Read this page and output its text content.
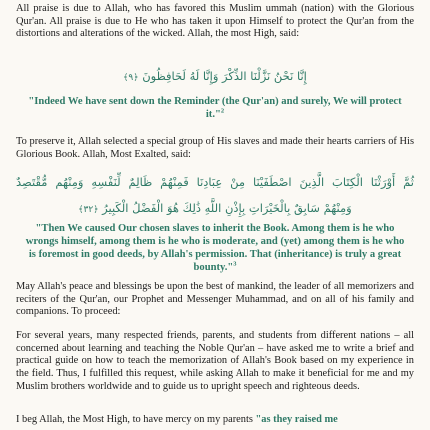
All praise is due to Allah, who has favored this Muslim ummah (nation) with the Glorious Qur'an. All praise is due to He who has taken it upon Himself to protect the Qur'an from the distortions and alterations of the wicked. Allah, the most High, said:

إِنَّا نَحْنُ نَزَّلْنَا الذِّكْرَ وَإِنَّا لَهُ لَحَافِظُونَ ﴿٩﴾

"Indeed We have sent down the Reminder (the Qur'an) and surely, We will protect it."$^2$

To preserve it, Allah selected a special group of His slaves and made their hearts carriers of His Glorious Book. Allah, Most Exalted, said:

ثُمَّ أَوْرَثْنَا الْكِتَابَ الَّذِينَ اصْطَفَيْنَا مِنْ عِبَادِنَا فَمِنْهُمْ ظَالِمٌ لِّنَفْسِهِ وَمِنْهُم مُّقْتَصِدٌ

وَمِنْهُمْ سَابِقٌ بِالْخَيْرَاتِ بِإِذْنِ اللَّهِ ذَٰلِكَ هُوَ الْفَضْلُ الْكَبِيرُ ﴿٣٢﴾

"Then We caused Our chosen slaves to inherit the Book. Among them is he who wrongs himself, among them is he who is moderate, and (yet) among them is he who is foremost in good deeds, by Allah's permission. That (inheritance) is truly a great bounty."$^3$

May Allah's peace and blessings be upon the best of mankind, the leader of all memorizers and reciters of the Qur'an, our Prophet and Messenger Muhammad, and on all of his family and companions. To proceed:

For several years, many respected friends, parents, and students from different nations – all concerned about learning and teaching the Noble Qur'an – have asked me to write a brief and practical guide on how to teach the memorization of Allah's Book based on my experience in the field. Thus, I fulfilled this request, while asking Allah to make it beneficial for me and my Muslim brothers worldwide and to guide us to upright speech and righteous deeds.

I beg Allah, the Most High, to have mercy on my parents "as they raised me
